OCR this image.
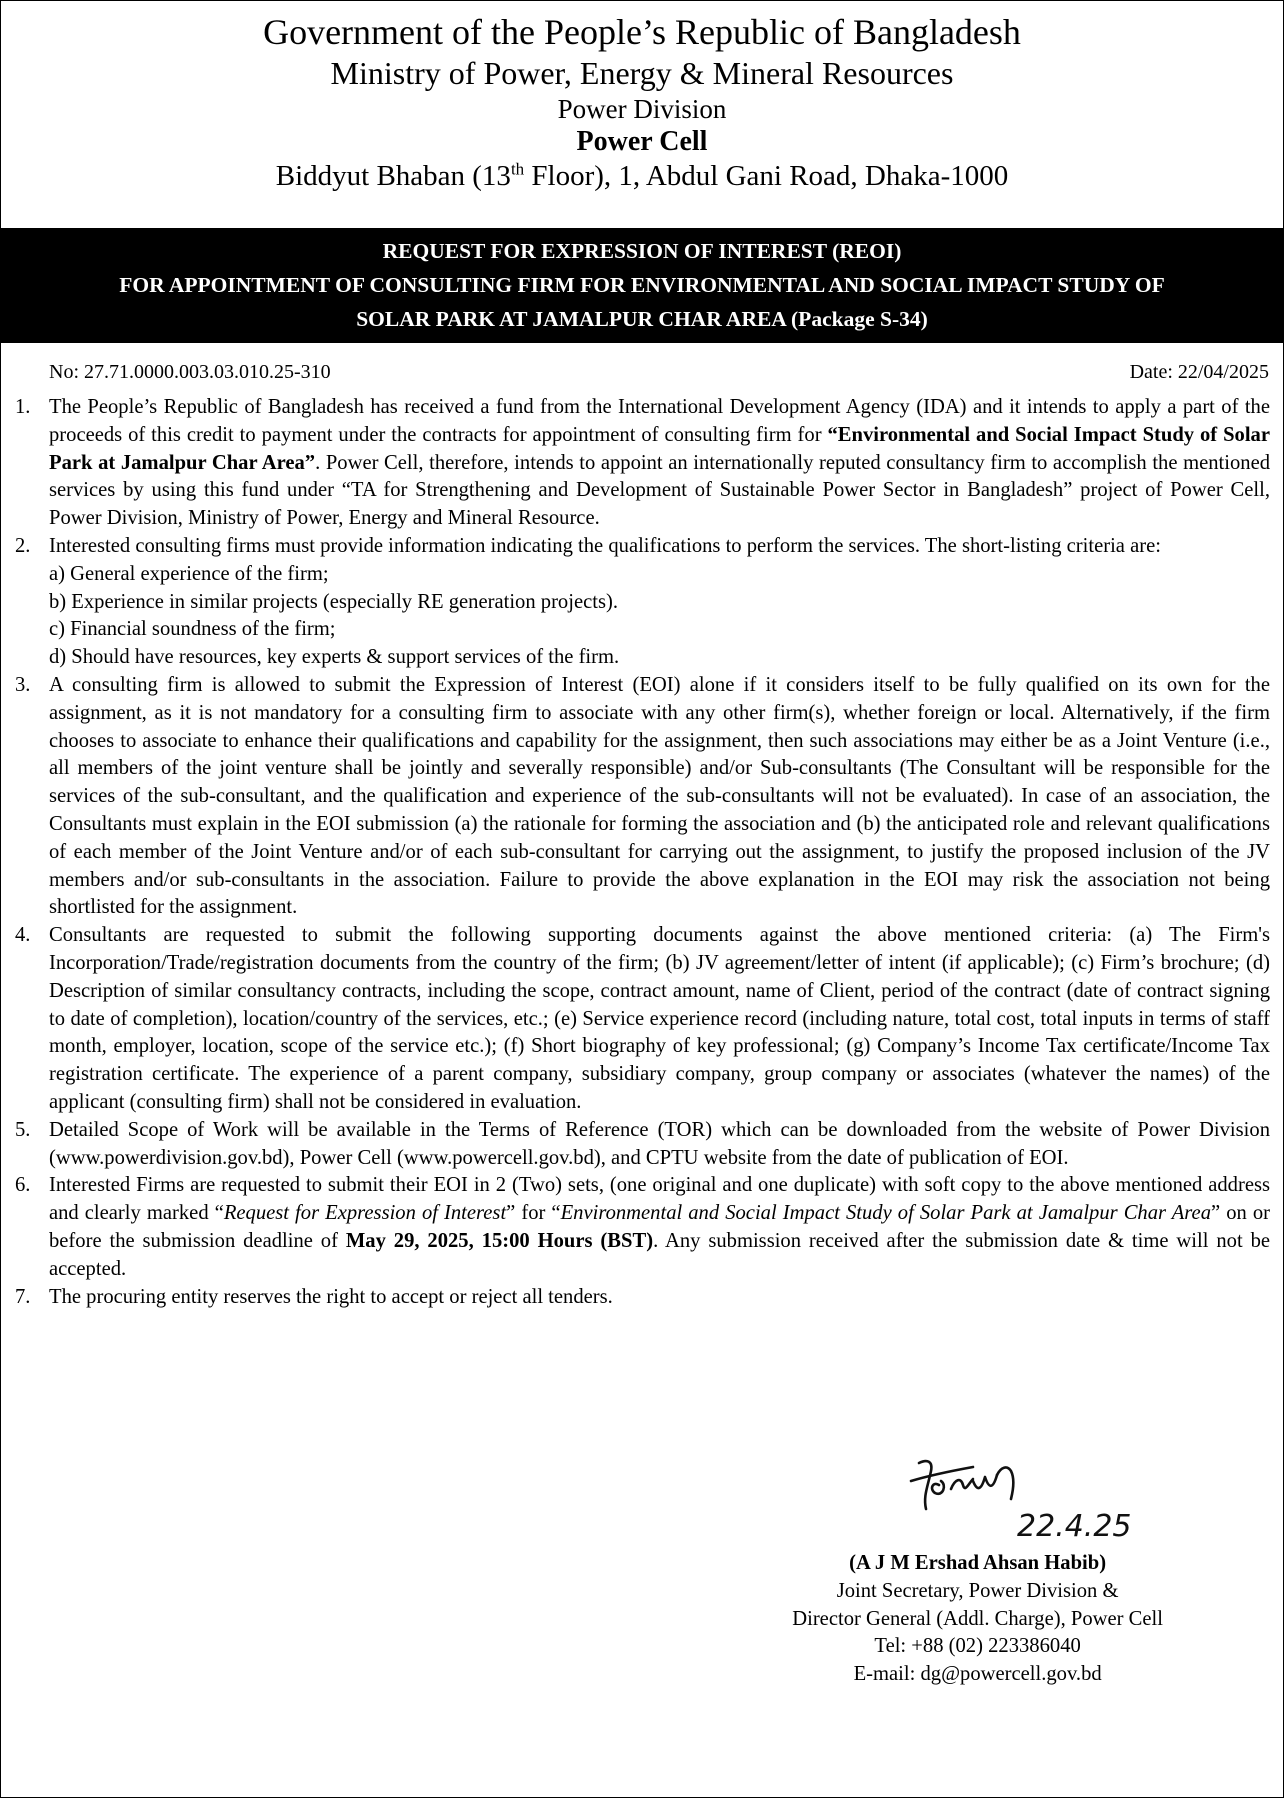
Government of the People’s Republic of Bangladesh
Ministry of Power, Energy & Mineral Resources
Power Division
Power Cell
Biddyut Bhaban (13th Floor), 1, Abdul Gani Road, Dhaka-1000
REQUEST FOR EXPRESSION OF INTEREST (REOI)
FOR APPOINTMENT OF CONSULTING FIRM FOR ENVIRONMENTAL AND SOCIAL IMPACT STUDY OF
SOLAR PARK AT JAMALPUR CHAR AREA (Package S-34)
No: 27.71.0000.003.03.010.25-310	Date: 22/04/2025
1. The People’s Republic of Bangladesh has received a fund from the International Development Agency (IDA) and it intends to apply a part of the proceeds of this credit to payment under the contracts for appointment of consulting firm for “Environmental and Social Impact Study of Solar Park at Jamalpur Char Area”. Power Cell, therefore, intends to appoint an internationally reputed consultancy firm to accomplish the mentioned services by using this fund under “TA for Strengthening and Development of Sustainable Power Sector in Bangladesh” project of Power Cell, Power Division, Ministry of Power, Energy and Mineral Resource.
2. Interested consulting firms must provide information indicating the qualifications to perform the services. The short-listing criteria are:
a) General experience of the firm;
b) Experience in similar projects (especially RE generation projects).
c) Financial soundness of the firm;
d) Should have resources, key experts & support services of the firm.
3. A consulting firm is allowed to submit the Expression of Interest (EOI) alone if it considers itself to be fully qualified on its own for the assignment, as it is not mandatory for a consulting firm to associate with any other firm(s), whether foreign or local. Alternatively, if the firm chooses to associate to enhance their qualifications and capability for the assignment, then such associations may either be as a Joint Venture (i.e., all members of the joint venture shall be jointly and severally responsible) and/or Sub-consultants (The Consultant will be responsible for the services of the sub-consultant, and the qualification and experience of the sub-consultants will not be evaluated). In case of an association, the Consultants must explain in the EOI submission (a) the rationale for forming the association and (b) the anticipated role and relevant qualifications of each member of the Joint Venture and/or of each sub-consultant for carrying out the assignment, to justify the proposed inclusion of the JV members and/or sub-consultants in the association. Failure to provide the above explanation in the EOI may risk the association not being shortlisted for the assignment.
4. Consultants are requested to submit the following supporting documents against the above mentioned criteria: (a) The Firm's Incorporation/Trade/registration documents from the country of the firm; (b) JV agreement/letter of intent (if applicable); (c) Firm’s brochure; (d) Description of similar consultancy contracts, including the scope, contract amount, name of Client, period of the contract (date of contract signing to date of completion), location/country of the services, etc.; (e) Service experience record (including nature, total cost, total inputs in terms of staff month, employer, location, scope of the service etc.); (f) Short biography of key professional; (g) Company’s Income Tax certificate/Income Tax registration certificate. The experience of a parent company, subsidiary company, group company or associates (whatever the names) of the applicant (consulting firm) shall not be considered in evaluation.
5. Detailed Scope of Work will be available in the Terms of Reference (TOR) which can be downloaded from the website of Power Division (www.powerdivision.gov.bd), Power Cell (www.powercell.gov.bd), and CPTU website from the date of publication of EOI.
6. Interested Firms are requested to submit their EOI in 2 (Two) sets, (one original and one duplicate) with soft copy to the above mentioned address and clearly marked “Request for Expression of Interest” for “Environmental and Social Impact Study of Solar Park at Jamalpur Char Area” on or before the submission deadline of May 29, 2025, 15:00 Hours (BST). Any submission received after the submission date & time will not be accepted.
7. The procuring entity reserves the right to accept or reject all tenders.
22.4.25
(A J M Ershad Ahsan Habib)
Joint Secretary, Power Division &
Director General (Addl. Charge), Power Cell
Tel: +88 (02) 223386040
E-mail: dg@powercell.gov.bd
